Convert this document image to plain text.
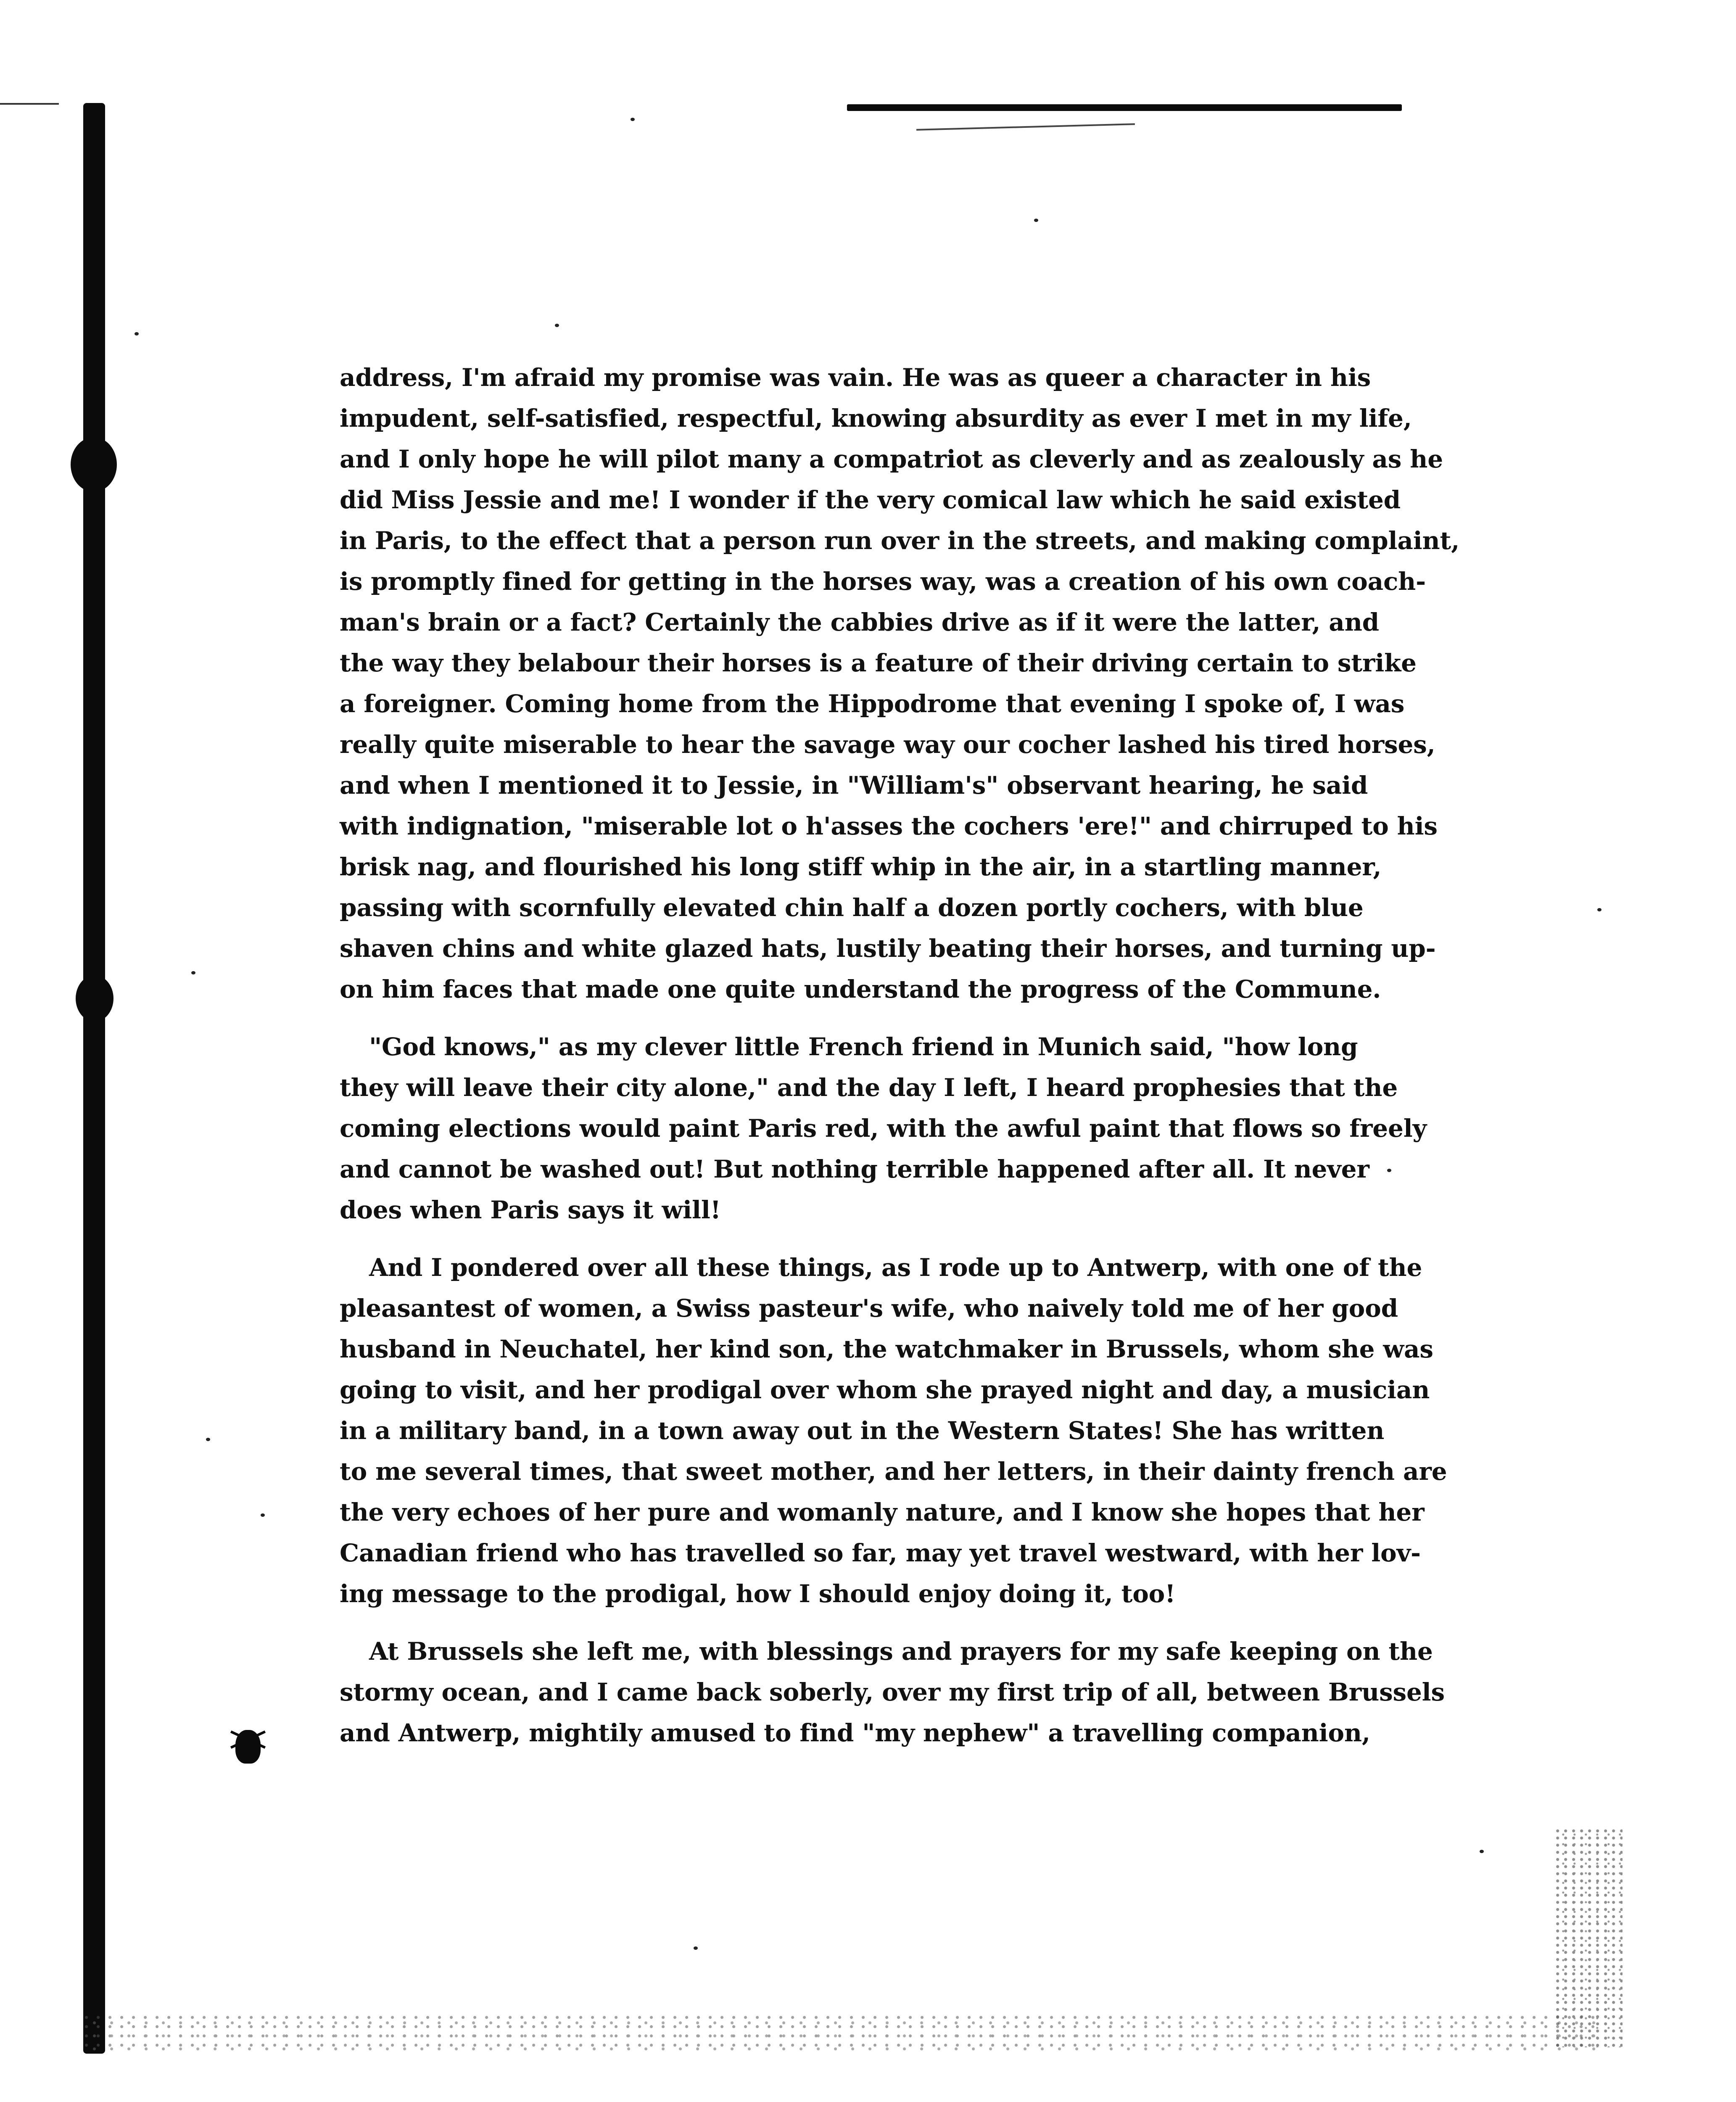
address, I'm afraid my promise was vain. He was as queer a character in his
impudent, self-satisfied, respectful, knowing absurdity as ever I met in my life,
and I only hope he will pilot many a compatriot as cleverly and as zealously as he
did Miss Jessie and me! I wonder if the very comical law which he said existed
in Paris, to the effect that a person run over in the streets, and making complaint,
is promptly fined for getting in the horses way, was a creation of his own coach-
man's brain or a fact? Certainly the cabbies drive as if it were the latter, and
the way they belabour their horses is a feature of their driving certain to strike
a foreigner. Coming home from the Hippodrome that evening I spoke of, I was
really quite miserable to hear the savage way our cocher lashed his tired horses,
and when I mentioned it to Jessie, in "William's" observant hearing, he said
with indignation, "miserable lot o h'asses the cochers 'ere!" and chirruped to his
brisk nag, and flourished his long stiff whip in the air, in a startling manner,
passing with scornfully elevated chin half a dozen portly cochers, with blue
shaven chins and white glazed hats, lustily beating their horses, and turning up-
on him faces that made one quite understand the progress of the Commune.

"God knows," as my clever little French friend in Munich said, "how long
they will leave their city alone," and the day I left, I heard prophesies that the
coming elections would paint Paris red, with the awful paint that flows so freely
and cannot be washed out! But nothing terrible happened after all. It never
does when Paris says it will!

And I pondered over all these things, as I rode up to Antwerp, with one of the
pleasantest of women, a Swiss pasteur's wife, who naively told me of her good
husband in Neuchatel, her kind son, the watchmaker in Brussels, whom she was
going to visit, and her prodigal over whom she prayed night and day, a musician
in a military band, in a town away out in the Western States! She has written
to me several times, that sweet mother, and her letters, in their dainty french are
the very echoes of her pure and womanly nature, and I know she hopes that her
Canadian friend who has travelled so far, may yet travel westward, with her lov-
ing message to the prodigal, how I should enjoy doing it, too!

At Brussels she left me, with blessings and prayers for my safe keeping on the
stormy ocean, and I came back soberly, over my first trip of all, between Brussels
and Antwerp, mightily amused to find "my nephew" a travelling companion,
